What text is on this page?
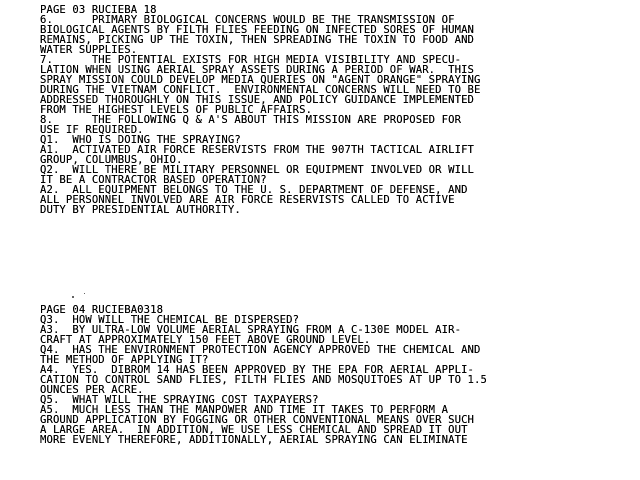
PAGE 03 RUCIEBA 18
6.      PRIMARY BIOLOGICAL CONCERNS WOULD BE THE TRANSMISSION OF
BIOLOGICAL AGENTS BY FILTH FLIES FEEDING ON INFECTED SORES OF HUMAN
REMAINS, PICKING UP THE TOXIN, THEN SPREADING THE TOXIN TO FOOD AND
WATER SUPPLIES.
7.      THE POTENTIAL EXISTS FOR HIGH MEDIA VISIBILITY AND SPECU-
LATION WHEN USING AERIAL SPRAY ASSETS DURING A PERIOD OF WAR.  THIS
SPRAY MISSION COULD DEVELOP MEDIA QUERIES ON "AGENT ORANGE" SPRAYING
DURING THE VIETNAM CONFLICT.  ENVIRONMENTAL CONCERNS WILL NEED TO BE
ADDRESSED THOROUGHLY ON THIS ISSUE, AND POLICY GUIDANCE IMPLEMENTED
FROM THE HIGHEST LEVELS OF PUBLIC AFFAIRS.
8.      THE FOLLOWING Q & A'S ABOUT THIS MISSION ARE PROPOSED FOR
USE IF REQUIRED.
Q1.  WHO IS DOING THE SPRAYING?
A1.  ACTIVATED AIR FORCE RESERVISTS FROM THE 907TH TACTICAL AIRLIFT
GROUP, COLUMBUS, OHIO.
Q2.  WILL THERE BE MILITARY PERSONNEL OR EQUIPMENT INVOLVED OR WILL
IT BE A CONTRACTOR BASED OPERATION?
A2.  ALL EQUIPMENT BELONGS TO THE U. S. DEPARTMENT OF DEFENSE, AND
ALL PERSONNEL INVOLVED ARE AIR FORCE RESERVISTS CALLED TO ACTIVE
DUTY BY PRESIDENTIAL AUTHORITY.
PAGE 04 RUCIEBA0318
Q3.  HOW WILL THE CHEMICAL BE DISPERSED?
A3.  BY ULTRA-LOW VOLUME AERIAL SPRAYING FROM A C-130E MODEL AIR-
CRAFT AT APPROXIMATELY 150 FEET ABOVE GROUND LEVEL.
Q4.  HAS THE ENVIRONMENT PROTECTION AGENCY APPROVED THE CHEMICAL AND
THE METHOD OF APPLYING IT?
A4.  YES.  DIBROM 14 HAS BEEN APPROVED BY THE EPA FOR AERIAL APPLI-
CATION TO CONTROL SAND FLIES, FILTH FLIES AND MOSQUITOES AT UP TO 1.5
OUNCES PER ACRE.
Q5.  WHAT WILL THE SPRAYING COST TAXPAYERS?
A5.  MUCH LESS THAN THE MANPOWER AND TIME IT TAKES TO PERFORM A
GROUND APPLICATION BY FOGGING OR OTHER CONVENTIONAL MEANS OVER SUCH
A LARGE AREA.  IN ADDITION, WE USE LESS CHEMICAL AND SPREAD IT OUT
MORE EVENLY THEREFORE, ADDITIONALLY, AERIAL SPRAYING CAN ELIMINATE
